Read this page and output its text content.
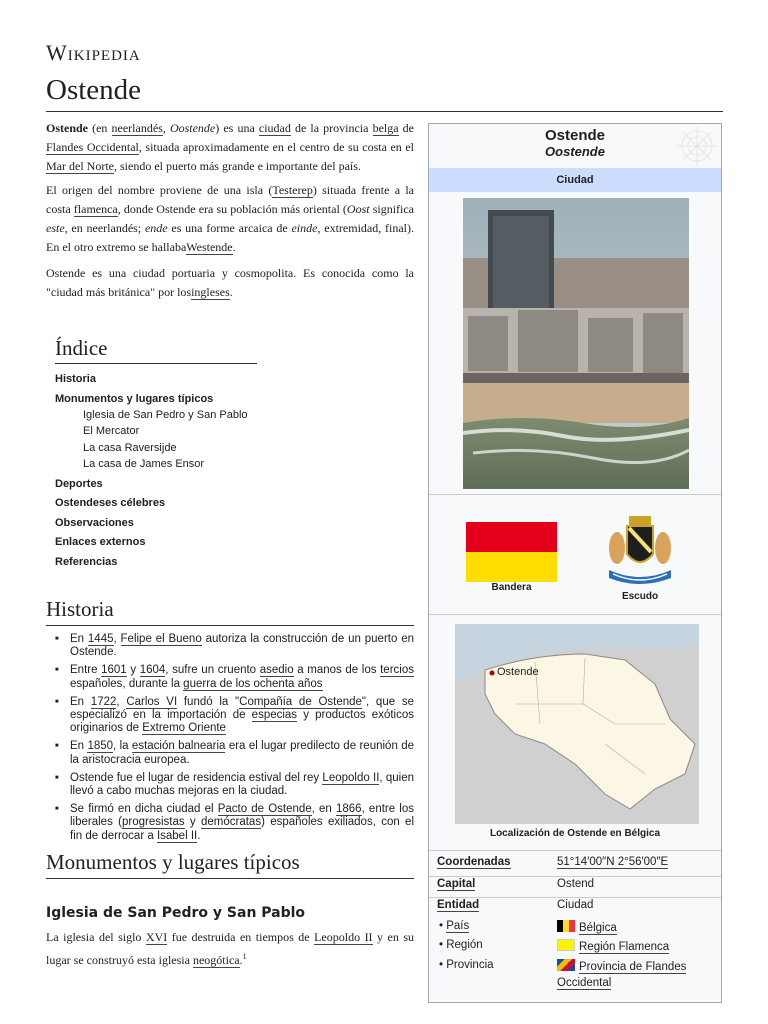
Wikipedia
Ostende

Ostende (en neerlandés, Oostende) es una ciudad de la provincia belga de Flandes Occidental, situada aproximadamente en el centro de su costa en el Mar del Norte, siendo el puerto más grande e importante del país.

El origen del nombre proviene de una isla (Testerep) situada frente a la costa flamenca, donde Ostende era su población más oriental (Oost significa este, en neerlandés; ende es una forme arcaica de einde, extremidad, final). En el otro extremo se hallabaWestende.

Ostende es una ciudad portuaria y cosmopolita. Es conocida como la "ciudad más británica" por losingleses.

Índice
Historia
Monumentos y lugares típicos
Iglesia de San Pedro y San Pablo
El Mercator
La casa Raversijde
La casa de James Ensor
Deportes
Ostendeses célebres
Observaciones
Enlaces externos
Referencias
Historia
■ En 1445, Felipe el Bueno autoriza la construcción de un puerto en Ostende.
■ Entre 1601 y 1604, sufre un cruento asedio a manos de los tercios españoles, durante la guerra de los ochenta años
■ En 1722, Carlos VI fundó la "Compañía de Ostende", que se especializó en la importación de especias y productos exóticos originarios de Extremo Oriente
■ En 1850, la estación balnearia era el lugar predilecto de reunión de la aristocracia europea.
■ Ostende fue el lugar de residencia estival del rey Leopoldo II, quien llevó a cabo muchas mejoras en la ciudad.
■ Se firmó en dicha ciudad el Pacto de Ostende, en 1866, entre los liberales (progresistas y demócratas) españoles exiliados, con el fin de derrocar a Isabel II.
Monumentos y lugares típicos
Iglesia de San Pedro y San Pablo

La iglesia del siglo XVI fue destruida en tiempos de Leopoldo II y en su lugar se construyó esta iglesia neogótica.$^1$

Ostende
Oostende
Ciudad
Bandera
Escudo
Ostende
Localización de Ostende en Bélgica
Coordenadas	51°14′00″N 2°56′00″E
Capital	Ostend
Entidad	Ciudad
• País	Bélgica
• Región	Región Flamenca
• Provincia	Provincia de Flandes Occidental
